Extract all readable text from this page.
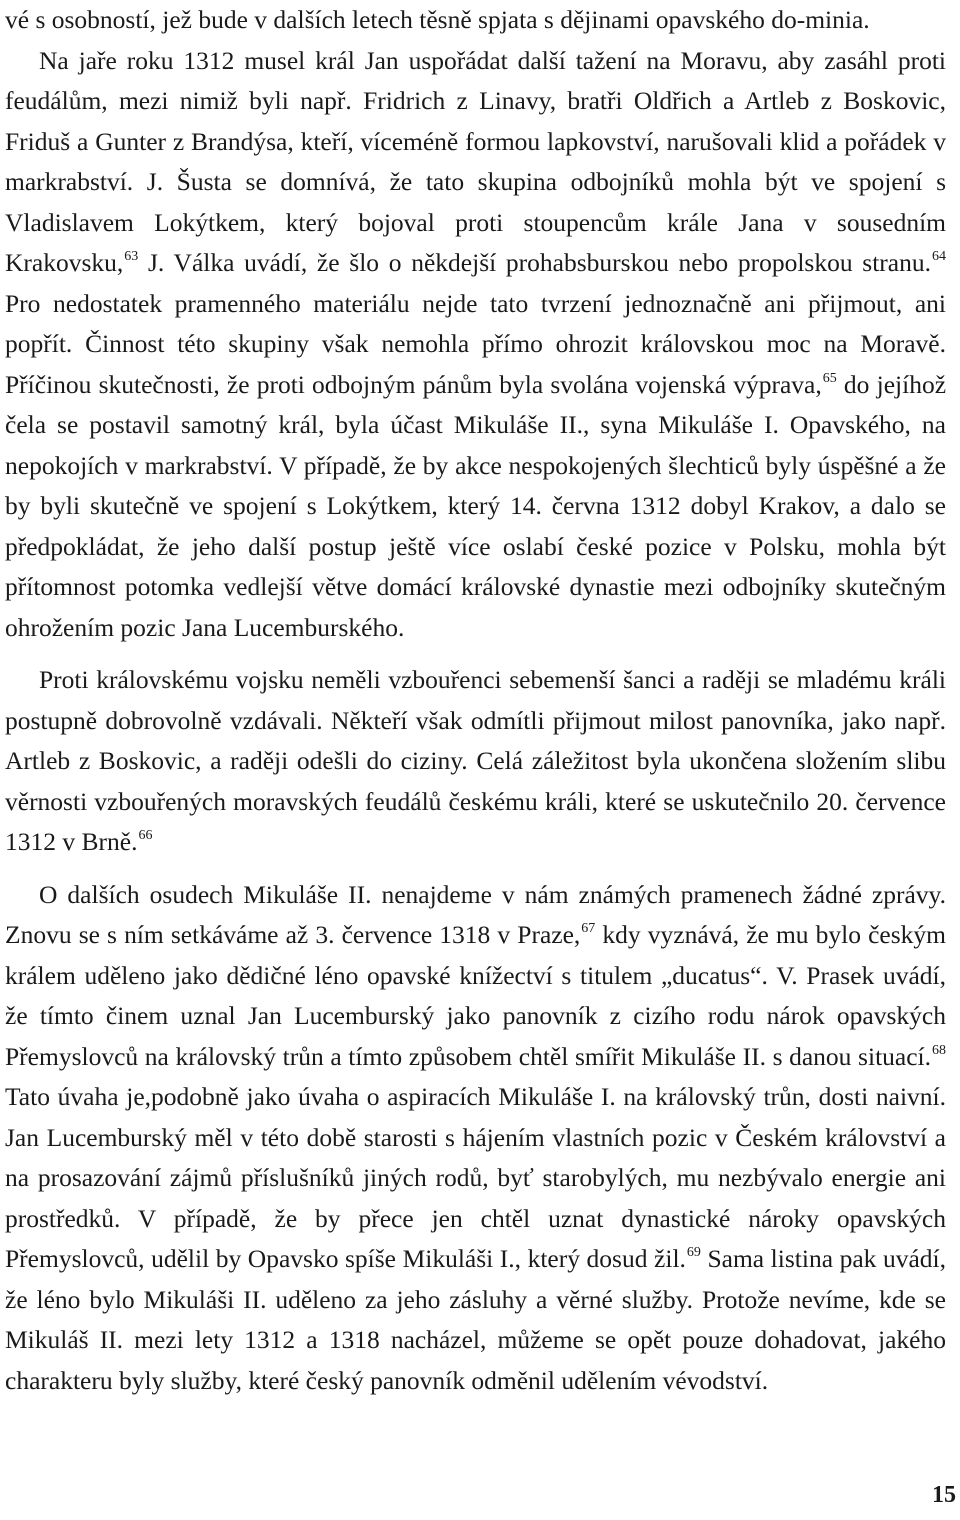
vé s osobností, jež bude v dalších letech těsně spjata s dějinami opavského do-minia.

Na jaře roku 1312 musel král Jan uspořádat další tažení na Moravu, aby zasáhl proti feudálům, mezi nimiž byli např. Fridrich z Linavy, bratři Oldřich a Artleb z Boskovic, Friduš a Gunter z Brandýsa, kteří, víceméně formou lapkovství, narušovali klid a pořádek v markrabství. J. Šusta se domnívá, že tato skupina odbojníků mohla být ve spojení s Vladislavem Lokýtkem, který bojoval proti stoupencům krále Jana v sousedním Krakovsku,$^{63}$ J. Válka uvádí, že šlo o někdejší prohabsburskou nebo propolskou stranu.$^{64}$ Pro nedostatek pramenného materiálu nejde tato tvrzení jednoznačně ani přijmout, ani popřít. Činnost této skupiny však nemohla přímo ohrozit královskou moc na Moravě. Příčinou skutečnosti, že proti odbojným pánům byla svolána vojenská výprava,$^{65}$ do jejíhož čela se postavil samotný král, byla účast Mikuláše II., syna Mikuláše I. Opavského, na nepokojích v markrabství. V případě, že by akce nespokojených šlechticů byly úspěšné a že by byli skutečně ve spojení s Lokýtkem, který 14. června 1312 dobyl Krakov, a dalo se předpokládat, že jeho další postup ještě více oslabí české pozice v Polsku, mohla být přítomnost potomka vedlejší větve domácí královské dynastie mezi odbojníky skutečným ohrožením pozic Jana Lucemburského.

Proti královskému vojsku neměli vzbouřenci sebemenší šanci a raději se mladému králi postupně dobrovolně vzdávali. Někteří však odmítli přijmout milost panovníka, jako např. Artleb z Boskovic, a raději odešli do ciziny. Celá záležitost byla ukončena složením slibu věrnosti vzbouřených moravských feudálů českému králi, které se uskutečnilo 20. července 1312 v Brně.$^{66}$

O dalších osudech Mikuláše II. nenajdeme v nám známých pramenech žádné zprávy. Znovu se s ním setkáváme až 3. července 1318 v Praze,$^{67}$ kdy vyznává, že mu bylo českým králem uděleno jako dědičné léno opavské knížectví s titulem „ducatus“. V. Prasek uvádí, že tímto činem uznal Jan Lucemburský jako panovník z cizího rodu nárok opavských Přemyslovců na královský trůn a tímto způsobem chtěl smířit Mikuláše II. s danou situací.$^{68}$ Tato úvaha je,podobně jako úvaha o aspiracích Mikuláše I. na královský trůn, dosti naivní. Jan Lucemburský měl v této době starosti s hájením vlastních pozic v Českém království a na prosazování zájmů příslušníků jiných rodů, byť starobylých, mu nezbývalo energie ani prostředků. V případě, že by přece jen chtěl uznat dynastické nároky opavských Přemyslovců, udělil by Opavsko spíše Mikuláši I., který dosud žil.$^{69}$ Sama listina pak uvádí, že léno bylo Mikuláši II. uděleno za jeho zásluhy a věrné služby. Protože nevíme, kde se Mikuláš II. mezi lety 1312 a 1318 nacházel, můžeme se opět pouze dohadovat, jakého charakteru byly služby, které český panovník odměnil udělením vévodství.

15
